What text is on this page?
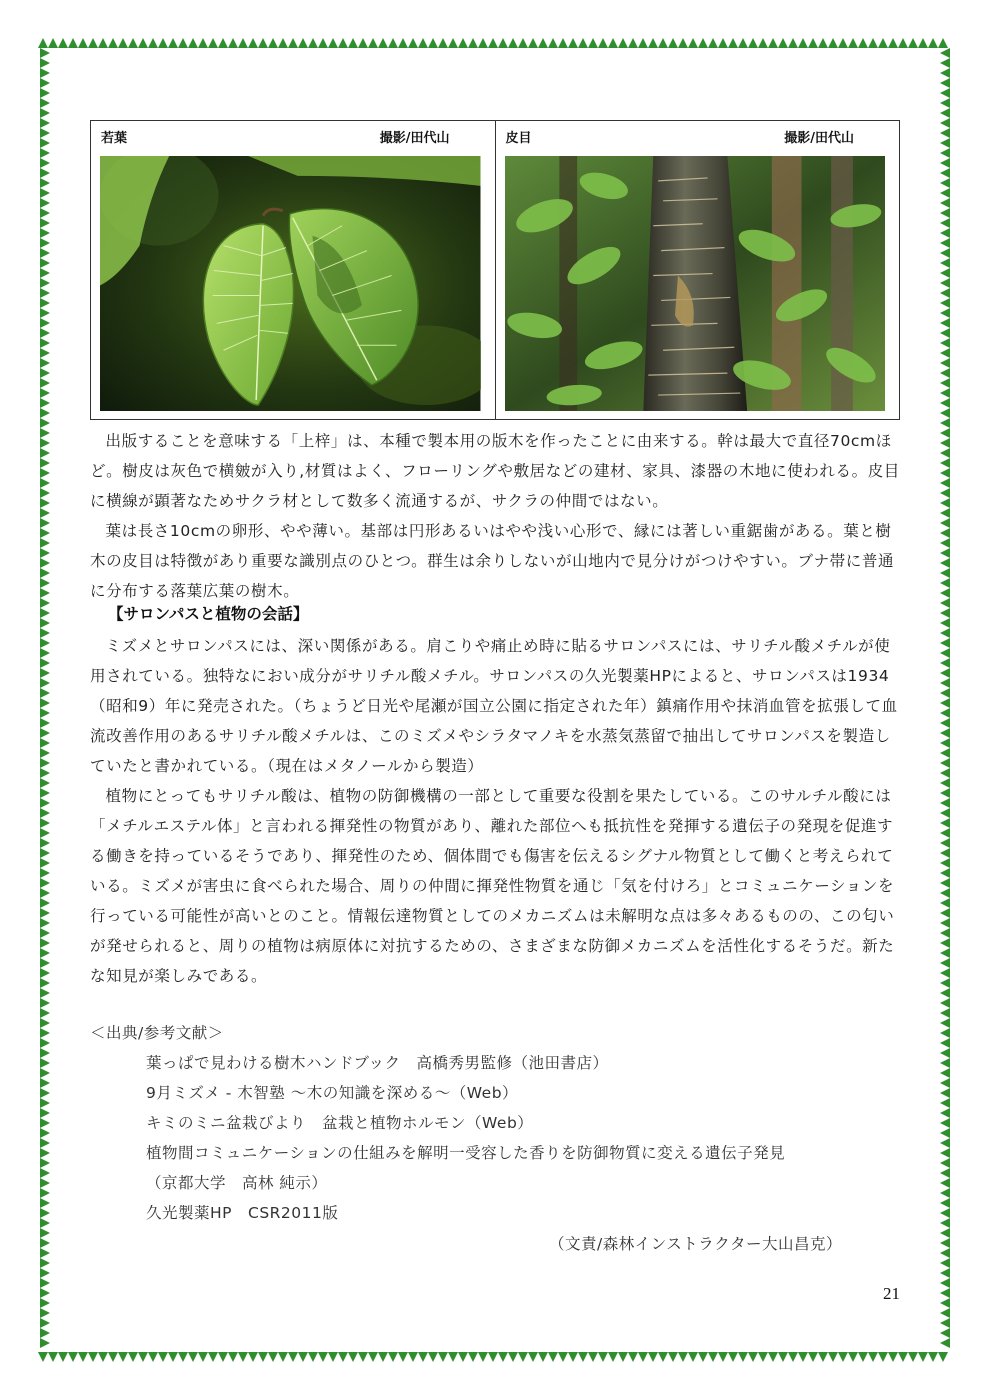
若葉	撮影/田代山	皮目	撮影/田代山

出版することを意味する「上梓」は、本種で製本用の版木を作ったことに由来する。幹は最大で直径70cmほど。樹皮は灰色で横皴が入り,材質はよく、フローリングや敷居などの建材、家具、漆器の木地に使われる。皮目に横線が顕著なためサクラ材として数多く流通するが、サクラの仲間ではない。

葉は長さ10cmの卵形、やや薄い。基部は円形あるいはやや浅い心形で、縁には著しい重鋸歯がある。葉と樹木の皮目は特徴があり重要な識別点のひとつ。群生は余りしないが山地内で見分けがつけやすい。ブナ帯に普通に分布する落葉広葉の樹木。

【サロンパスと植物の会話】

ミズメとサロンパスには、深い関係がある。肩こりや痛止め時に貼るサロンパスには、サリチル酸メチルが使用されている。独特なにおい成分がサリチル酸メチル。サロンパスの久光製薬HPによると、サロンパスは1934（昭和9）年に発売された。（ちょうど日光や尾瀬が国立公園に指定された年）鎮痛作用や抹消血管を拡張して血流改善作用のあるサリチル酸メチルは、このミズメやシラタマノキを水蒸気蒸留で抽出してサロンパスを製造していたと書かれている。（現在はメタノールから製造）

植物にとってもサリチル酸は、植物の防御機構の一部として重要な役割を果たしている。このサルチル酸には「メチルエステル体」と言われる揮発性の物質があり、離れた部位へも抵抗性を発揮する遺伝子の発現を促進する働きを持っているそうであり、揮発性のため、個体間でも傷害を伝えるシグナル物質として働くと考えられている。ミズメが害虫に食べられた場合、周りの仲間に揮発性物質を通じ「気を付けろ」とコミュニケーションを行っている可能性が高いとのこと。情報伝達物質としてのメカニズムは未解明な点は多々あるものの、この匂いが発せられると、周りの植物は病原体に対抗するための、さまざまな防御メカニズムを活性化するそうだ。新たな知見が楽しみである。

＜出典/参考文献＞
葉っぱで見わける樹木ハンドブック　高橋秀男監修（池田書店）
9月ミズメ - 木智塾 〜木の知識を深める〜（Web）
キミのミニ盆栽びより　盆栽と植物ホルモン（Web）
植物間コミュニケーションの仕組みを解明一受容した香りを防御物質に変える遺伝子発見
（京都大学　高林 純示）
久光製薬HP　CSR2011版
（文責/森林インストラクター大山昌克）
21
